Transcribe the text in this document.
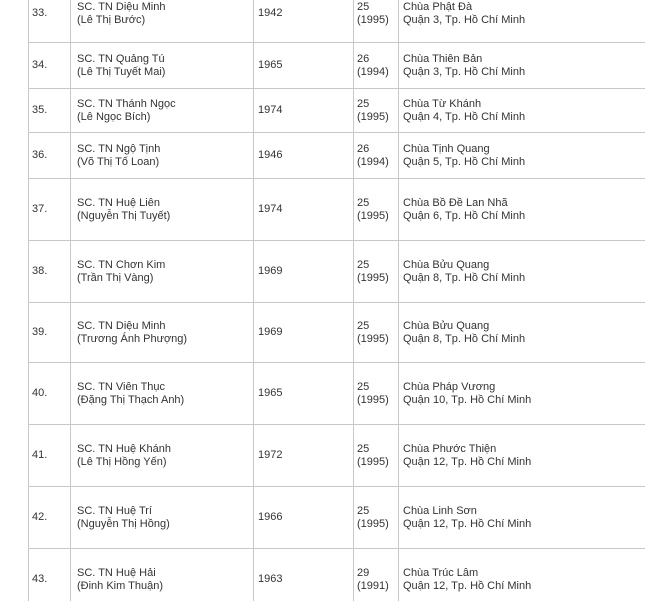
33.	SC. TN Diệu Minh
(Lê Thị Bước)	1942	25
(1995)	Chùa Phật Đà
Quận 3, Tp. Hồ Chí Minh

34.	SC. TN Quảng Tú
(Lê Thị Tuyết Mai)	1965	26
(1994)	Chùa Thiên Bản
Quận 3, Tp. Hồ Chí Minh

35.	SC. TN Thánh Ngọc
(Lê Ngọc Bích)	1974	25
(1995)	Chùa Từ Khánh
Quận 4, Tp. Hồ Chí Minh

36.	SC. TN Ngộ Tịnh
(Võ Thị Tố Loan)	1946	26
(1994)	Chùa Tịnh Quang
Quận 5, Tp. Hồ Chí Minh

37.	SC. TN Huệ Liên
(Nguyễn Thị Tuyết)	1974	25
(1995)	Chùa Bồ Đề Lan Nhã
Quận 6, Tp. Hồ Chí Minh

38.	SC. TN Chơn Kim
(Trần Thị Vàng)	1969	25
(1995)	Chùa Bửu Quang
Quận 8, Tp. Hồ Chí Minh

39.	SC. TN Diệu Minh
(Trương Ánh Phượng)	1969	25
(1995)	Chùa Bửu Quang
Quận 8, Tp. Hồ Chí Minh

40.	SC. TN Viên Thục
(Đặng Thị Thạch Anh)	1965	25
(1995)	Chùa Pháp Vương
Quận 10, Tp. Hồ Chí Minh

41.	SC. TN Huệ Khánh
(Lê Thị Hồng Yến)	1972	25
(1995)	Chùa Phước Thiện
Quận 12, Tp. Hồ Chí Minh

42.	SC. TN Huệ Trí
(Nguyễn Thị Hồng)	1966	25
(1995)	Chùa Linh Sơn
Quận 12, Tp. Hồ Chí Minh

43.	SC. TN Huệ Hải
(Đinh Kim Thuận)	1963	29
(1991)	Chùa Trúc Lâm
Quận 12, Tp. Hồ Chí Minh
